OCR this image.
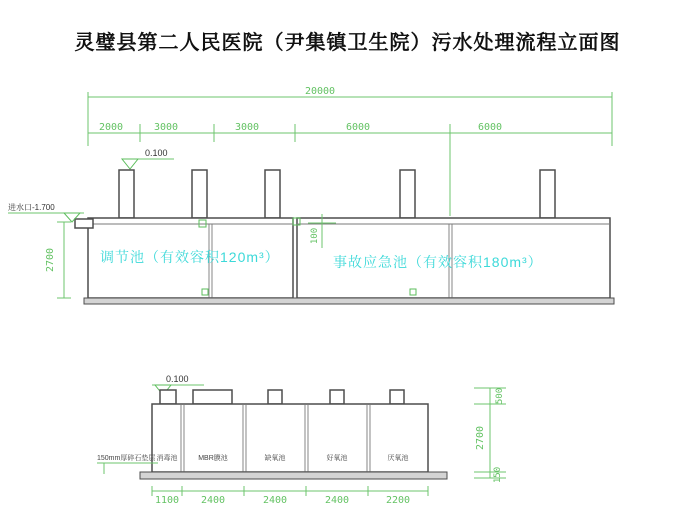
灵璧县第二人民医院（尹集镇卫生院）污水处理流程立面图
20000
2000	3000	3000	6000	6000
0.100
进水口-1.700
2700
100
调节池（有效容积120m³）	事故应急池（有效容积180m³）
0.100
150mm厚碎石垫层 消毒池	MBR膜池	缺氧池	好氧池	厌氧池
1100 2400	2400	2400	2200
500
2700
150
